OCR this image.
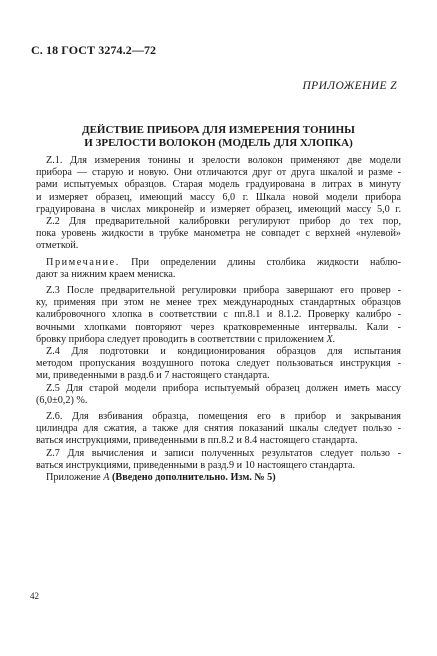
С. 18 ГОСТ 3274.2—72
ПРИЛОЖЕНИЕ Z
ДЕЙСТВИЕ ПРИБОРА ДЛЯ ИЗМЕРЕНИЯ ТОНИНЫ
И ЗРЕЛОСТИ ВОЛОКОН (МОДЕЛЬ ДЛЯ ХЛОПКА)
Z.1. Для измерения тонины и зрелости волокон применяют две модели
прибора — старую и новую. Они отличаются друг от друга шкалой и разме -
рами испытуемых образцов. Старая модель градуирована в литрах в минуту
и измеряет образец, имеющий массу 6,0 г. Шкала новой модели прибора
градуирована в числах микронейр и измеряет образец, имеющий массу 5,0 г.
Z.2 Для предварительной калибровки регулируют прибор до тех пор,
пока уровень жидкости в трубке манометра не совпадет с верхней «нулевой»
отметкой.
Примечание. При определении длины столбика жидкости наблю-
дают за нижним краем мениска.
Z.3 После предварительной регулировки прибора завершают его провер -
ку, применяя при этом не менее трех международных стандартных образцов
калибровочного хлопка в соответствии с пп.8.1 и 8.1.2. Проверку калибро -
вочными хлопками повторяют через кратковременные интервалы. Кали -
бровку прибора следует проводить в соответствии с приложением X.
Z.4 Для подготовки и кондиционирования образцов для испытания
методом пропускания воздушного потока следует пользоваться инструкция -
ми, приведенными в разд.6 и 7 настоящего стандарта.
Z.5 Для старой модели прибора испытуемый образец должен иметь массу
(6,0±0,2) %.
Z.6. Для взбивания образца, помещения его в прибор и закрывания
цилиндра для сжатия, а также для снятия показаний шкалы следует пользо -
ваться инструкциями, приведенными в пп.8.2 и 8.4 настоящего стандарта.
Z.7 Для вычисления и записи полученных результатов следует пользо -
ваться инструкциями, приведенными в разд.9 и 10 настоящего стандарта.
Приложение А (Введено дополнительно. Изм. № 5)
42
